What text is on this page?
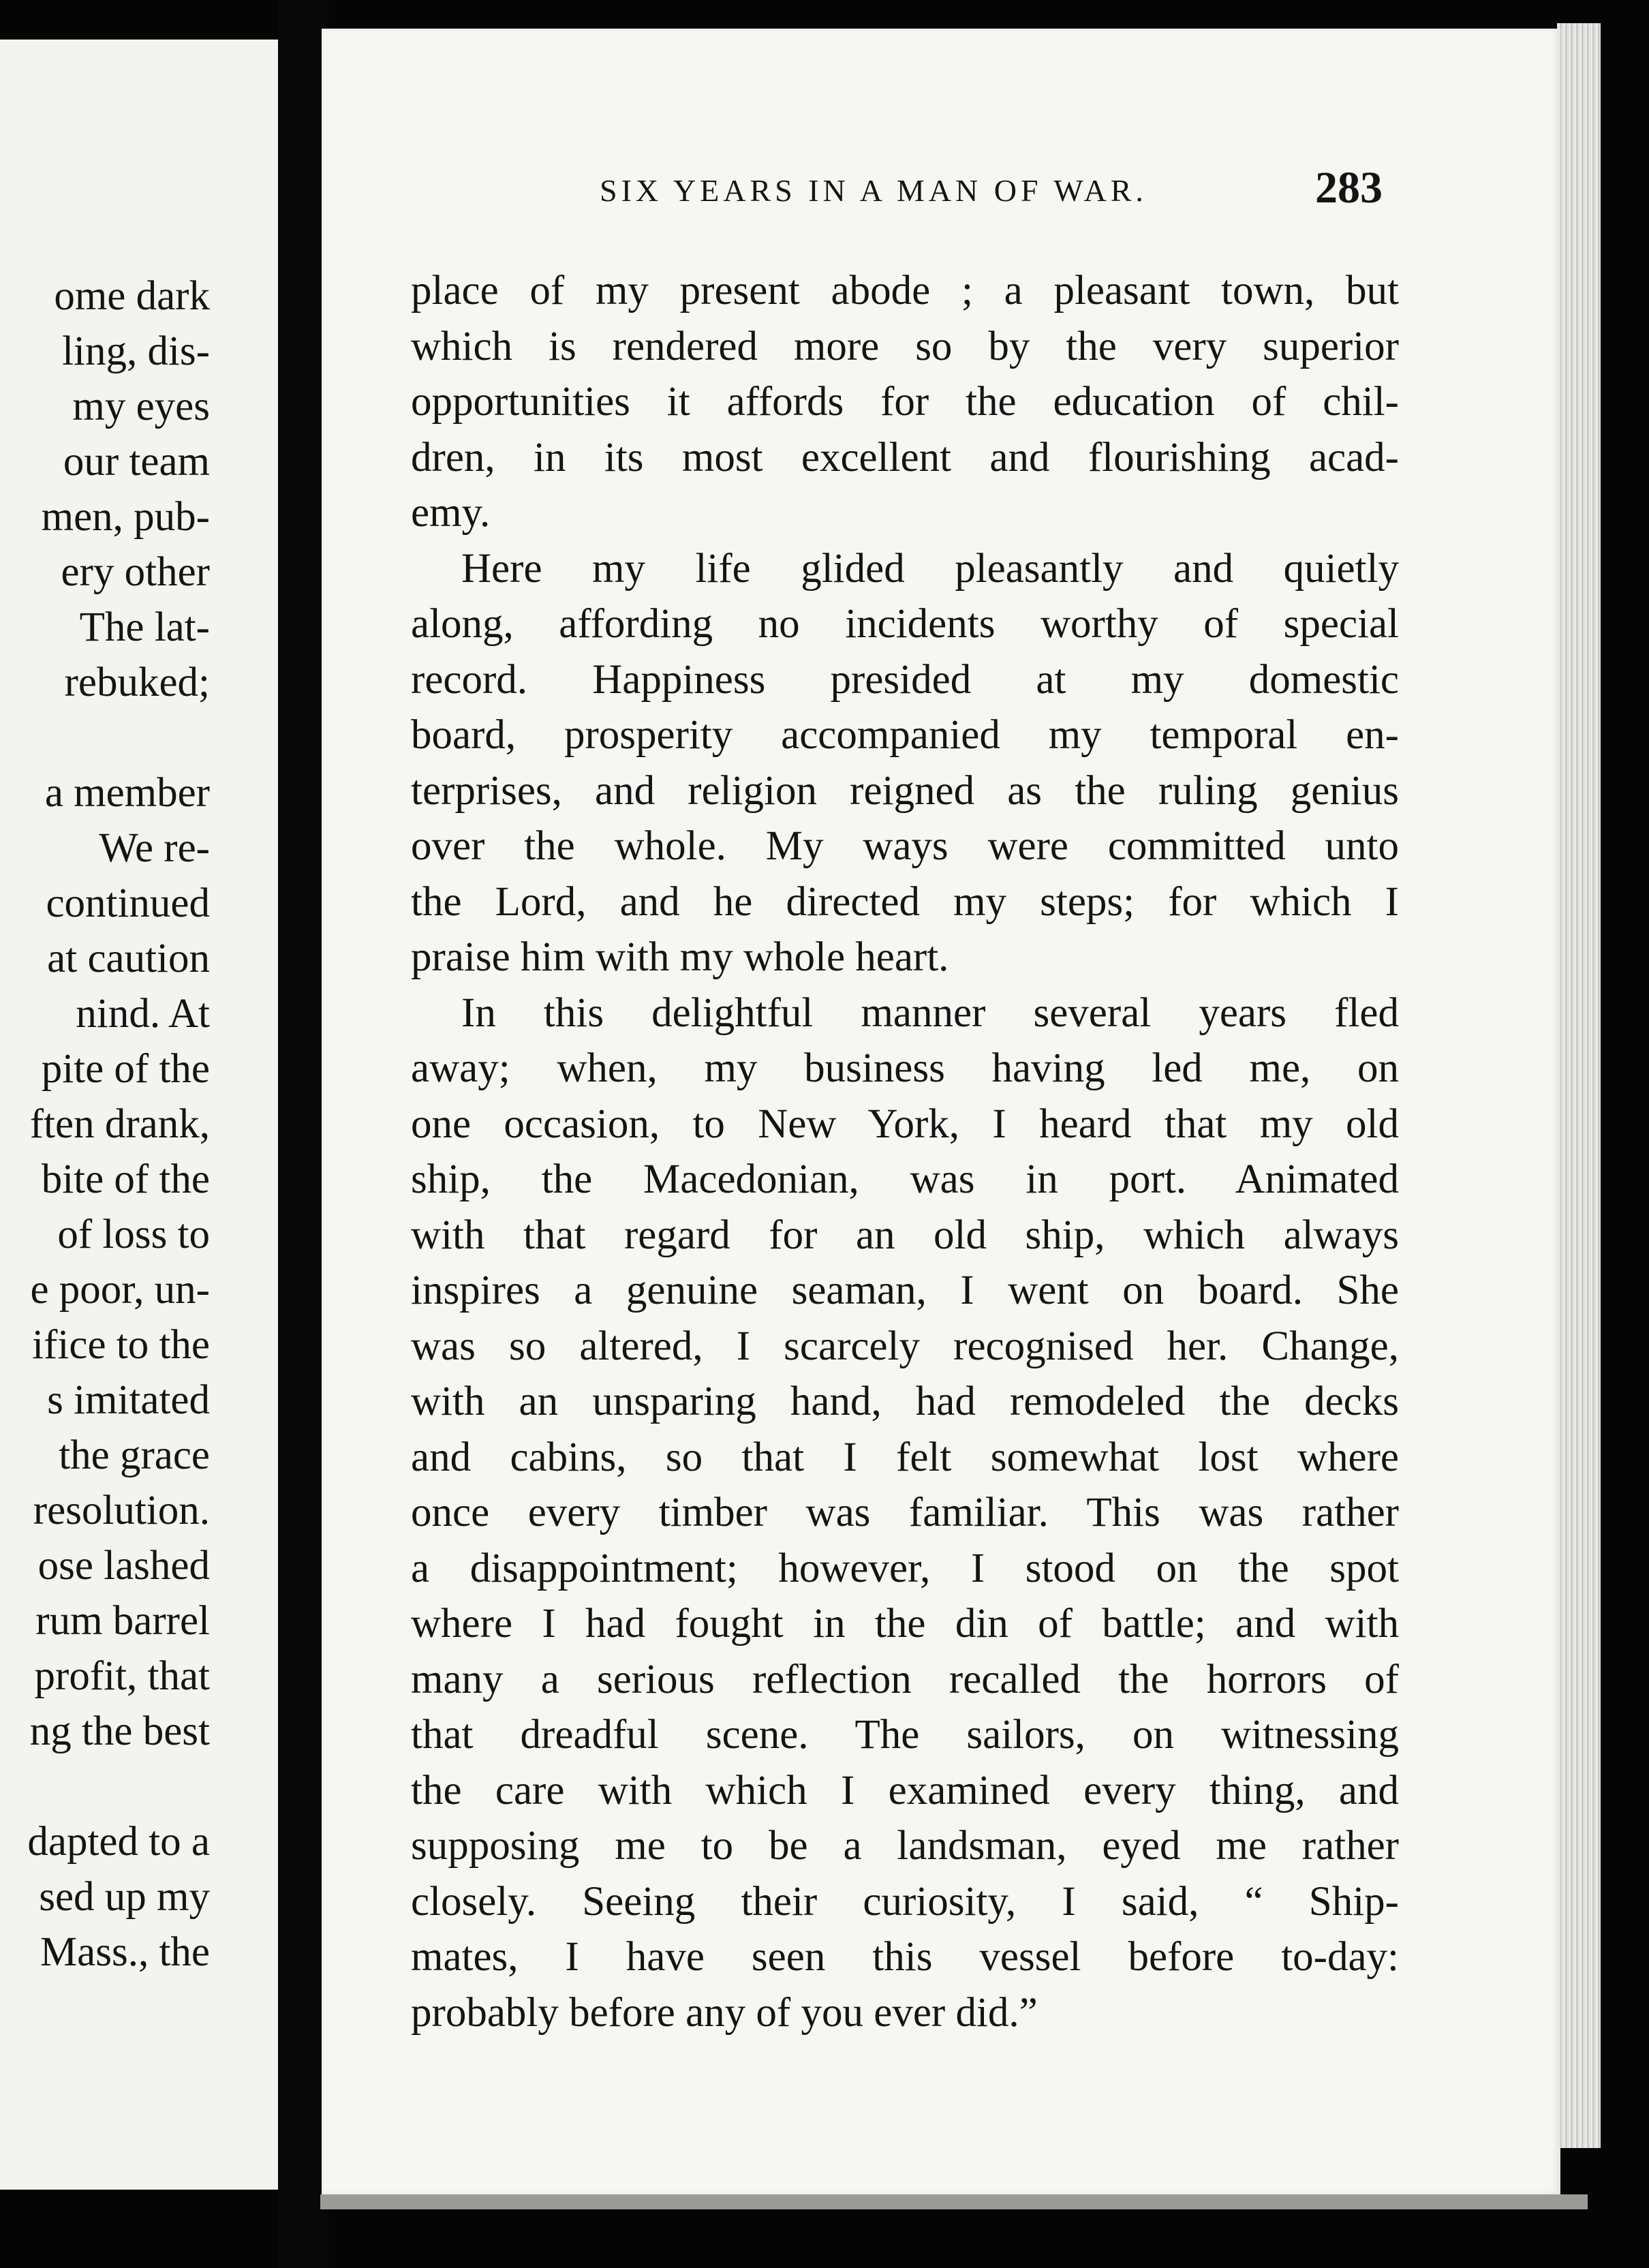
ome dark
ling, dis-
my eyes
our team
men, pub-
ery other
The lat-
rebuked;
a member
We re-
continued
at caution
nind. At
pite of the
ften drank,
bite of the
of loss to
e poor, un-
ifice to the
s imitated
the grace
resolution.
ose lashed
rum barrel
profit, that
ng the best
dapted to a
sed up my
Mass., the
SIX YEARS IN A MAN OF WAR.	283
place of my present abode ; a pleasant town, but
which is rendered more so by the very superior
opportunities it affords for the education of chil-
dren, in its most excellent and flourishing acad-
emy.
Here my life glided pleasantly and quietly
along, affording no incidents worthy of special
record. Happiness presided at my domestic
board, prosperity accompanied my temporal en-
terprises, and religion reigned as the ruling genius
over the whole. My ways were committed unto
the Lord, and he directed my steps; for which I
praise him with my whole heart.
In this delightful manner several years fled
away; when, my business having led me, on
one occasion, to New York, I heard that my old
ship, the Macedonian, was in port. Animated
with that regard for an old ship, which always
inspires a genuine seaman, I went on board. She
was so altered, I scarcely recognised her. Change,
with an unsparing hand, had remodeled the decks
and cabins, so that I felt somewhat lost where
once every timber was familiar. This was rather
a disappointment; however, I stood on the spot
where I had fought in the din of battle; and with
many a serious reflection recalled the horrors of
that dreadful scene. The sailors, on witnessing
the care with which I examined every thing, and
supposing me to be a landsman, eyed me rather
closely. Seeing their curiosity, I said, “ Ship-
mates, I have seen this vessel before to-day:
probably before any of you ever did.”
